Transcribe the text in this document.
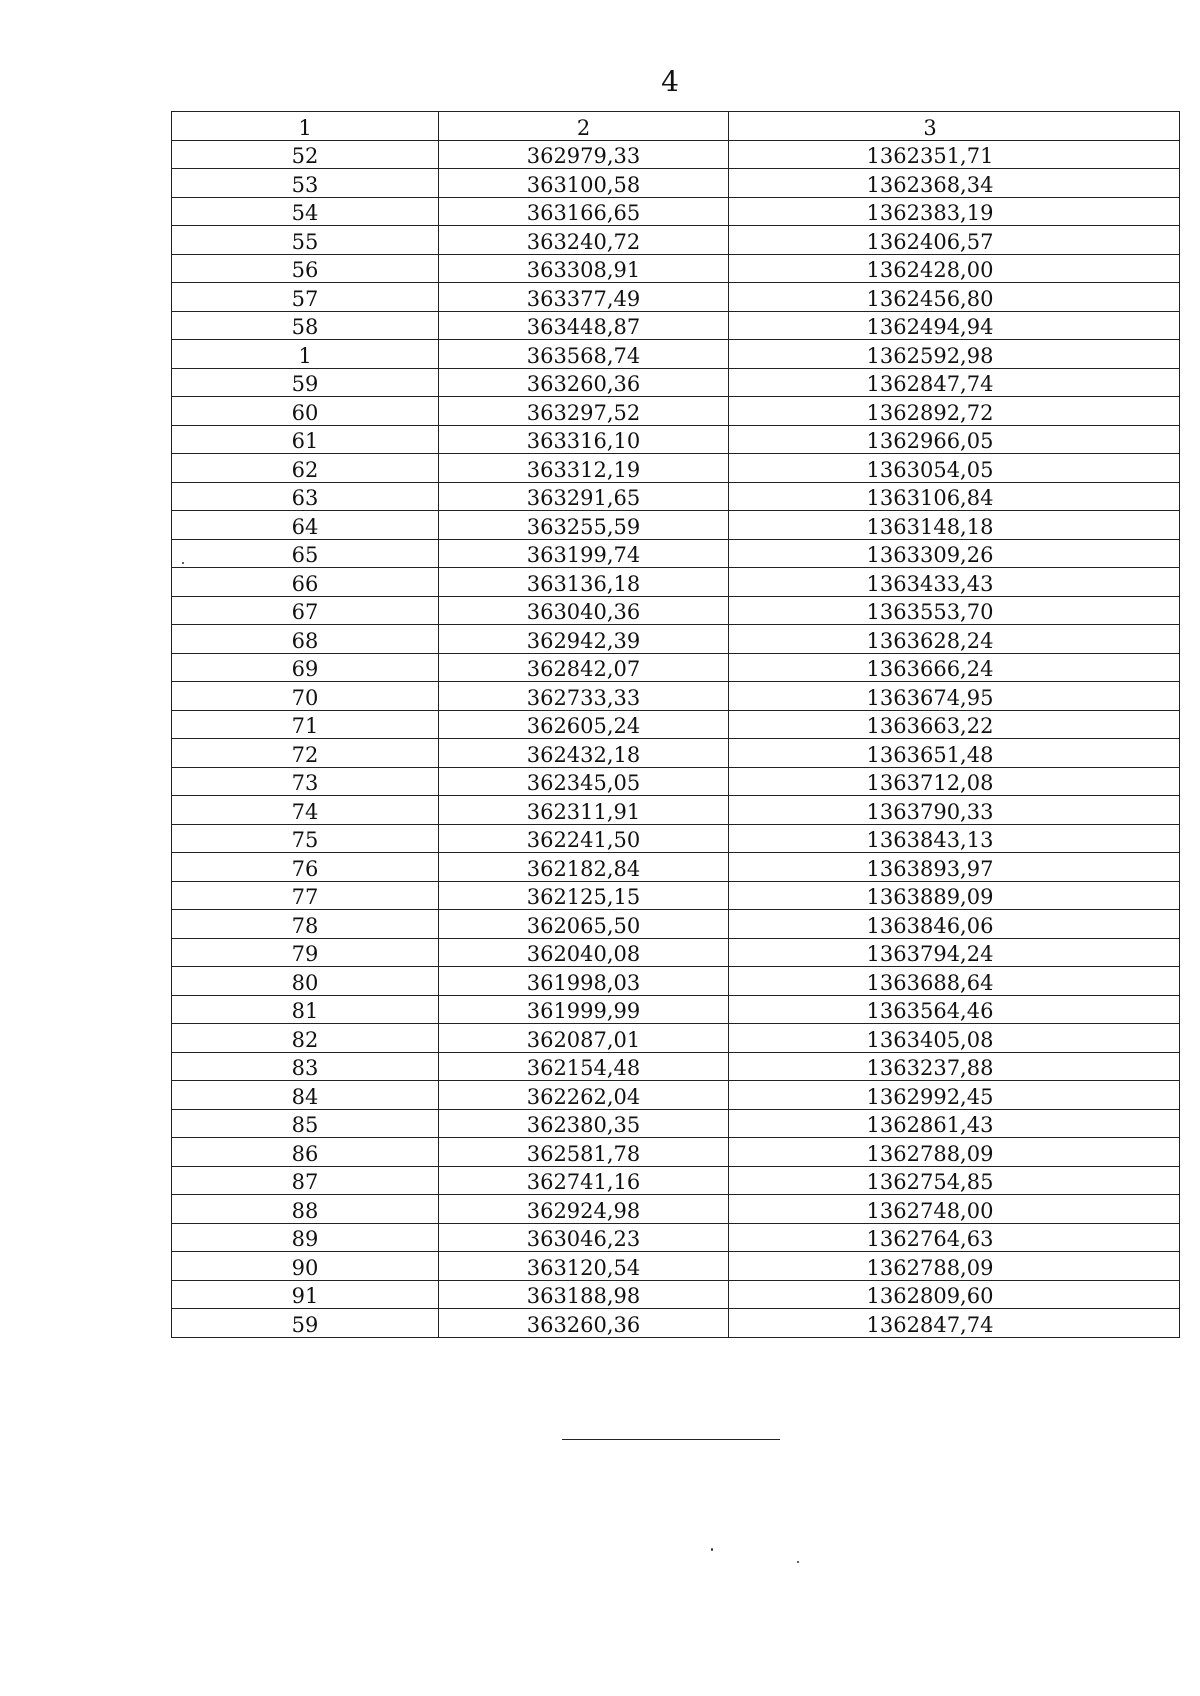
4
1	2	3
52	362979,33	1362351,71
53	363100,58	1362368,34
54	363166,65	1362383,19
55	363240,72	1362406,57
56	363308,91	1362428,00
57	363377,49	1362456,80
58	363448,87	1362494,94
1	363568,74	1362592,98
59	363260,36	1362847,74
60	363297,52	1362892,72
61	363316,10	1362966,05
62	363312,19	1363054,05
63	363291,65	1363106,84
64	363255,59	1363148,18
65	363199,74	1363309,26
66	363136,18	1363433,43
67	363040,36	1363553,70
68	362942,39	1363628,24
69	362842,07	1363666,24
70	362733,33	1363674,95
71	362605,24	1363663,22
72	362432,18	1363651,48
73	362345,05	1363712,08
74	362311,91	1363790,33
75	362241,50	1363843,13
76	362182,84	1363893,97
77	362125,15	1363889,09
78	362065,50	1363846,06
79	362040,08	1363794,24
80	361998,03	1363688,64
81	361999,99	1363564,46
82	362087,01	1363405,08
83	362154,48	1363237,88
84	362262,04	1362992,45
85	362380,35	1362861,43
86	362581,78	1362788,09
87	362741,16	1362754,85
88	362924,98	1362748,00
89	363046,23	1362764,63
90	363120,54	1362788,09
91	363188,98	1362809,60
59	363260,36	1362847,74
